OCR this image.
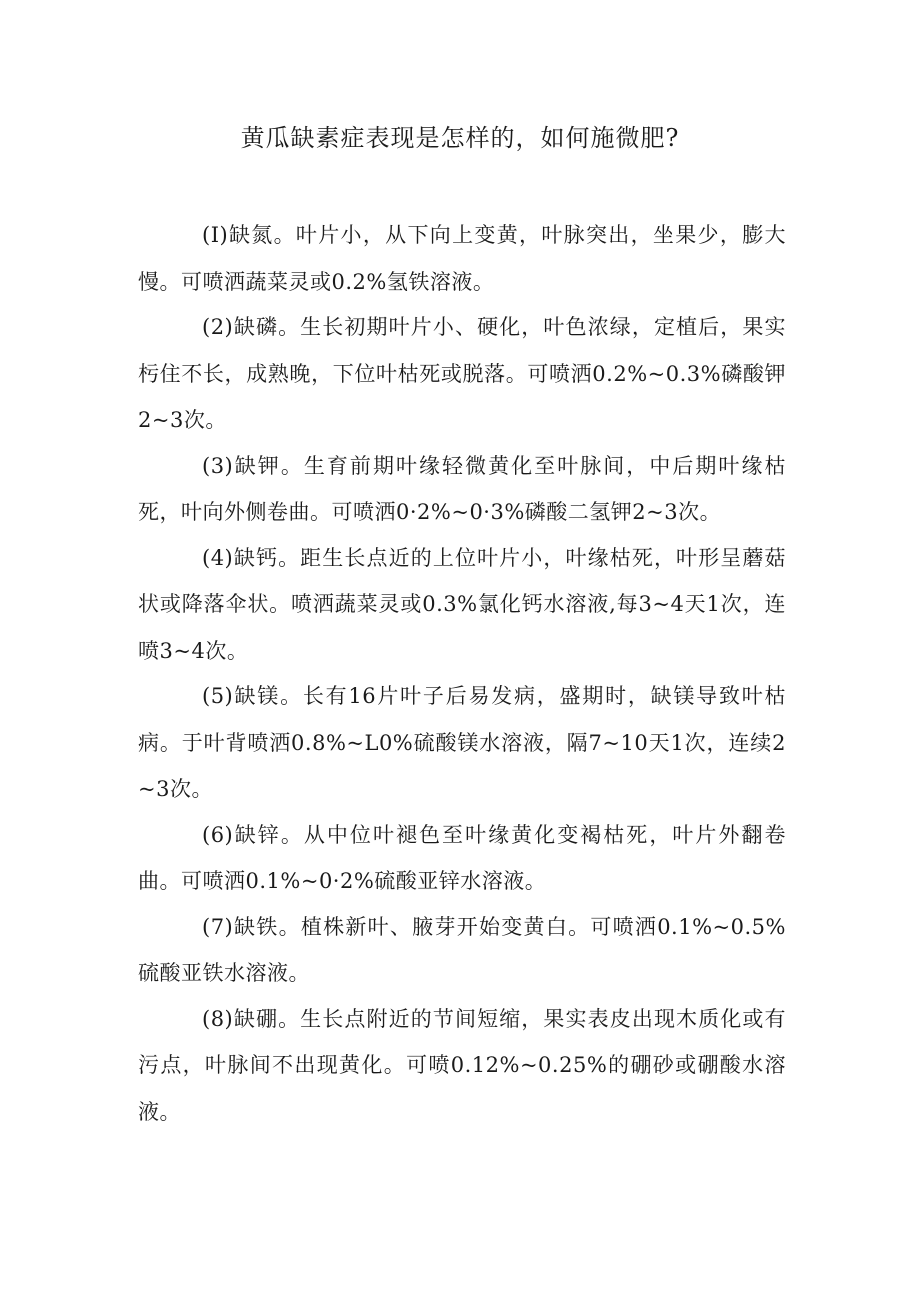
黄瓜缺素症表现是怎样的，如何施微肥?

(I)缺氮。叶片小，从下向上变黄，叶脉突出，坐果少，膨大慢。可喷洒蔬菜灵或0.2%氢铁溶液。

(2)缺磷。生长初期叶片小、硬化，叶色浓绿，定植后，果实杇住不长，成熟晚，下位叶枯死或脱落。可喷洒0.2%~0.3%磷酸钾2~3次。

(3)缺钾。生育前期叶缘轻微黄化至叶脉间，中后期叶缘枯死，叶向外侧卷曲。可喷洒0·2%~0·3%磷酸二氢钾2~3次。

(4)缺钙。距生长点近的上位叶片小，叶缘枯死，叶形呈蘑菇状或降落伞状。喷洒蔬菜灵或0.3%氯化钙水溶液,每3~4天1次，连喷3~4次。

(5)缺镁。长有16片叶子后易发病，盛期时，缺镁导致叶枯病。于叶背喷洒0.8%~L0%硫酸镁水溶液，隔7~10天1次，连续2~3次。

(6)缺锌。从中位叶褪色至叶缘黄化变褐枯死，叶片外翻卷曲。可喷洒0.1%~0·2%硫酸亚锌水溶液。

(7)缺铁。植株新叶、腋芽开始变黄白。可喷洒0.1%~0.5%硫酸亚铁水溶液。

(8)缺硼。生长点附近的节间短缩，果实表皮出现木质化或有污点，叶脉间不出现黄化。可喷0.12%~0.25%的硼砂或硼酸水溶液。
